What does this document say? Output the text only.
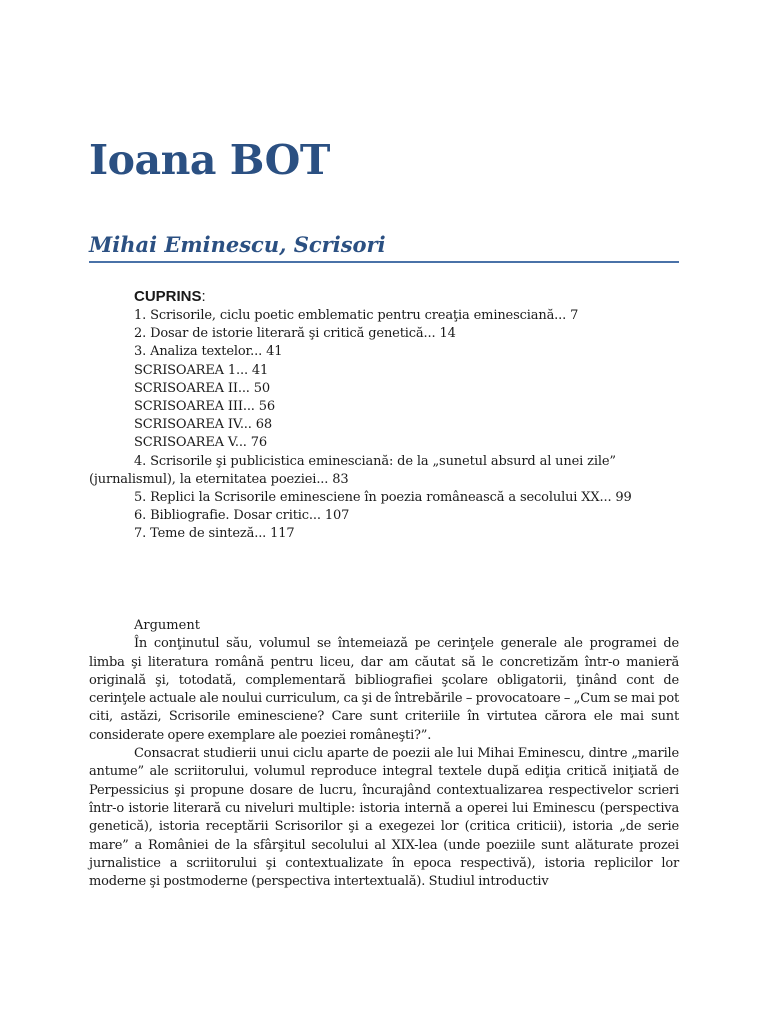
Ioana BOT
Mihai Eminescu, Scrisori
CUPRINS:
1. Scrisorile, ciclu poetic emblematic pentru creaţia eminesciană... 7
2. Dosar de istorie literară şi critică genetică... 14
3. Analiza textelor... 41
SCRISOAREA 1... 41
SCRISOAREA II... 50
SCRISOAREA III... 56
SCRISOAREA IV... 68
SCRISOAREA V... 76
4. Scrisorile şi publicistica eminesciană: de la „sunetul absurd al unei zile” (jurnalismul), la eternitatea poeziei... 83
5. Replici la Scrisorile eminesciene în poezia românească a secolului XX... 99
6. Bibliografie. Dosar critic... 107
7. Teme de sinteză... 117
Argument

În conţinutul său, volumul se întemeiază pe cerinţele generale ale programei de limba şi literatura română pentru liceu, dar am căutat să le concretizăm într-o manieră originală şi, totodată, complementară bibliografiei şcolare obligatorii, ţinând cont de cerinţele actuale ale noului curriculum, ca şi de întrebările – provocatoare – „Cum se mai pot citi, astăzi, Scrisorile eminesciene? Care sunt criteriile în virtutea cărora ele mai sunt considerate opere exemplare ale poeziei româneşti?”.

Consacrat studierii unui ciclu aparte de poezii ale lui Mihai Eminescu, dintre „marile antume” ale scriitorului, volumul reproduce integral textele după ediţia critică iniţiată de Perpessicius şi propune dosare de lucru, încurajând contextualizarea respectivelor scrieri într-o istorie literară cu niveluri multiple: istoria internă a operei lui Eminescu (perspectiva genetică), istoria receptării Scrisorilor şi a exegezei lor (critica criticii), istoria „de serie mare” a României de la sfârşitul secolului al XIX-lea (unde poeziile sunt alăturate prozei jurnalistice a scriitorului şi contextualizate în epoca respectivă), istoria replicilor lor moderne şi postmoderne (perspectiva intertextuală). Studiul introductiv
